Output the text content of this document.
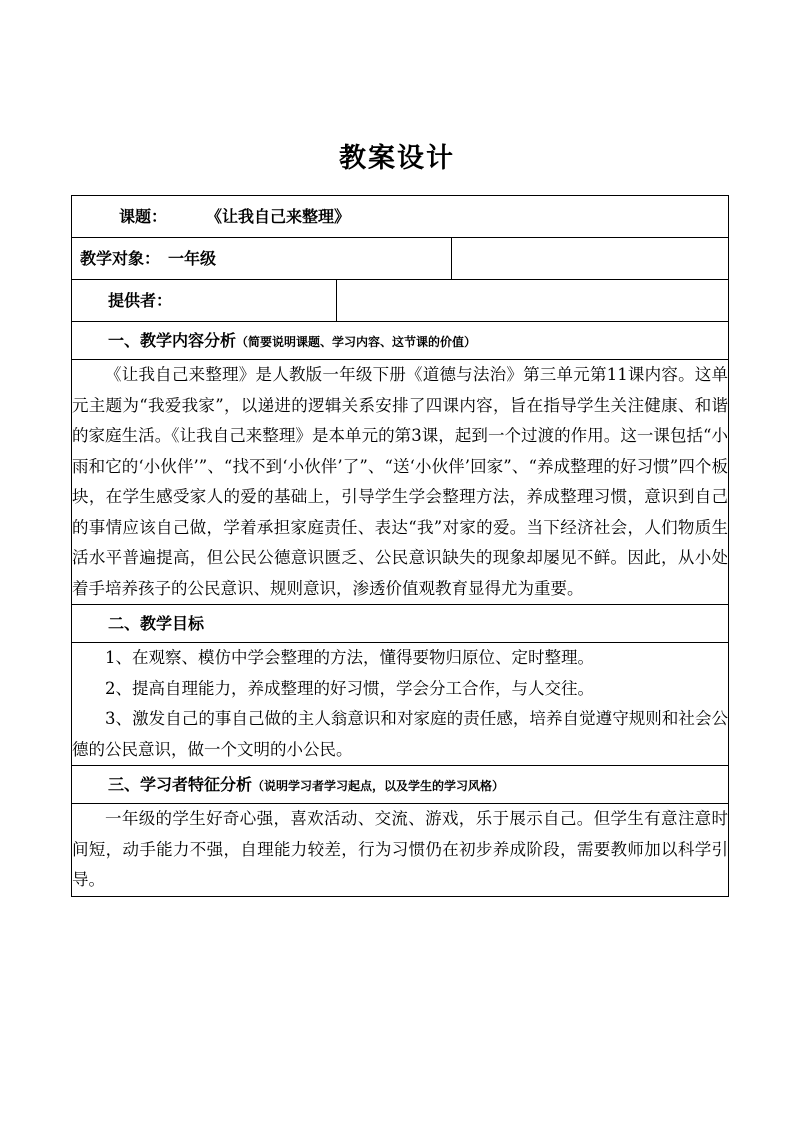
教案设计
课题： 《让我自己来整理》		
教学对象： 一年级		
提供者：		
一、教学内容分析（简要说明课题、学习内容、这节课的价值）		

《让我自己来整理》是人教版一年级下册《道德与法治》第三单元第11课内容。这单元主题为“我爱我家”，以递进的逻辑关系安排了四课内容，旨在指导学生关注健康、和谐的家庭生活。《让我自己来整理》是本单元的第3课，起到一个过渡的作用。这一课包括“小雨和它的‘小伙伴’”、“找不到‘小伙伴’了”、“送‘小伙伴’回家”、“养成整理的好习惯”四个板块，在学生感受家人的爱的基础上，引导学生学会整理方法，养成整理习惯，意识到自己的事情应该自己做，学着承担家庭责任、表达“我”对家的爱。当下经济社会，人们物质生活水平普遍提高，但公民公德意识匮乏、公民意识缺失的现象却屡见不鲜。因此，从小处着手培养孩子的公民意识、规则意识，渗透价值观教育显得尤为重要。		

二、教学目标		

1、在观察、模仿中学会整理的方法，懂得要物归原位、定时整理。

2、提高自理能力，养成整理的好习惯，学会分工合作，与人交往。

3、激发自己的事自己做的主人翁意识和对家庭的责任感，培养自觉遵守规则和社会公德的公民意识，做一个文明的小公民。		

三、学习者特征分析（说明学习者学习起点，以及学生的学习风格）		

一年级的学生好奇心强，喜欢活动、交流、游戏，乐于展示自己。但学生有意注意时间短，动手能力不强，自理能力较差，行为习惯仍在初步养成阶段，需要教师加以科学引导。		
